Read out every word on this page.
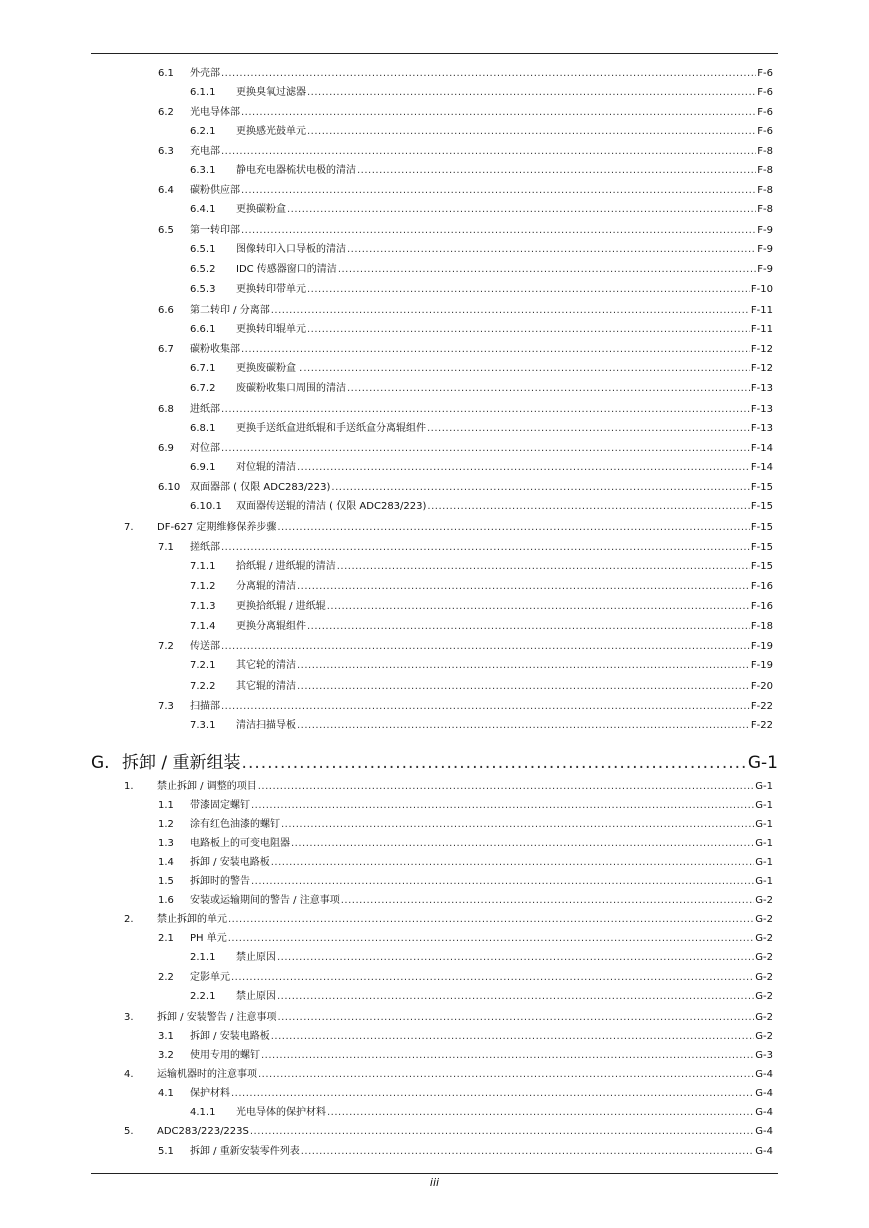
6.1	外壳部 .....	F-6
6.1.1	更换臭氧过滤器 .....	F-6
6.2	光电导体部 .....	F-6
6.2.1	更换感光鼓单元 .....	F-6
6.3	充电部 .....	F-8
6.3.1	静电充电器梳状电极的清洁 .....	F-8
6.4	碳粉供应部 .....	F-8
6.4.1	更换碳粉盒 .....	F-8
6.5	第一转印部 .....	F-9
6.5.1	图像转印入口导板的清洁 .....	F-9
6.5.2	IDC 传感器窗口的清洁 .....	F-9
6.5.3	更换转印带单元 .....	F-10
6.6	第二转印 / 分离部 .....	F-11
6.6.1	更换转印辊单元 .....	F-11
6.7	碳粉收集部 .....	F-12
6.7.1	更换废碳粉盒 . .....	F-12
6.7.2	废碳粉收集口周围的清洁 .....	F-13
6.8	进纸部 .....	F-13
6.8.1	更换手送纸盒进纸辊和手送纸盒分离辊组件 .....	F-13
6.9	对位部 .....	F-14
6.9.1	对位辊的清洁 .....	F-14
6.10 双面器部 ( 仅限 ADC283/223) .....	F-15
6.10.1	双面器传送辊的清洁 ( 仅限 ADC283/223) .....	F-15
7.	DF-627 定期维修保养步骤 .....	F-15
7.1	搓纸部 .....	F-15
7.1.1	拾纸辊 / 进纸辊的清洁 .....	F-15
7.1.2	分离辊的清洁 .....	F-16
7.1.3	更换拾纸辊 / 进纸辊 .....	F-16
7.1.4	更换分离辊组件 .....	F-18
7.2	传送部 .....	F-19
7.2.1	其它轮的清洁 .....	F-19
7.2.2	其它辊的清洁 .....	F-20
7.3	扫描部 .....	F-22
7.3.1	清洁扫描导板 .....	F-22
G. 拆卸 / 重新组装 .....	G-1
1.	禁止拆卸 / 调整的项目 .....	G-1
1.1	带漆固定螺钉 .....	G-1
1.2	涂有红色油漆的螺钉 .....	G-1
1.3	电路板上的可变电阻器 .....	G-1
1.4	拆卸 / 安装电路板 .....	G-1
1.5	拆卸时的警告 .....	G-1
1.6	安装或运输期间的警告 / 注意事项 .....	G-2
2.	禁止拆卸的单元 .....	G-2
2.1	PH 单元 .....	G-2
2.1.1	禁止原因 .....	G-2
2.2	定影单元 .....	G-2
2.2.1	禁止原因 .....	G-2
3.	拆卸 / 安装警告 / 注意事项 .....	G-2
3.1	拆卸 / 安装电路板 .....	G-2
3.2	使用专用的螺钉 .....	G-3
4.	运输机器时的注意事项 .....	G-4
4.1	保护材料 .....	G-4
4.1.1	光电导体的保护材料 .....	G-4
5.	ADC283/223/223S .....	G-4
5.1	拆卸 / 重新安装零件列表 .....	G-4
iii
